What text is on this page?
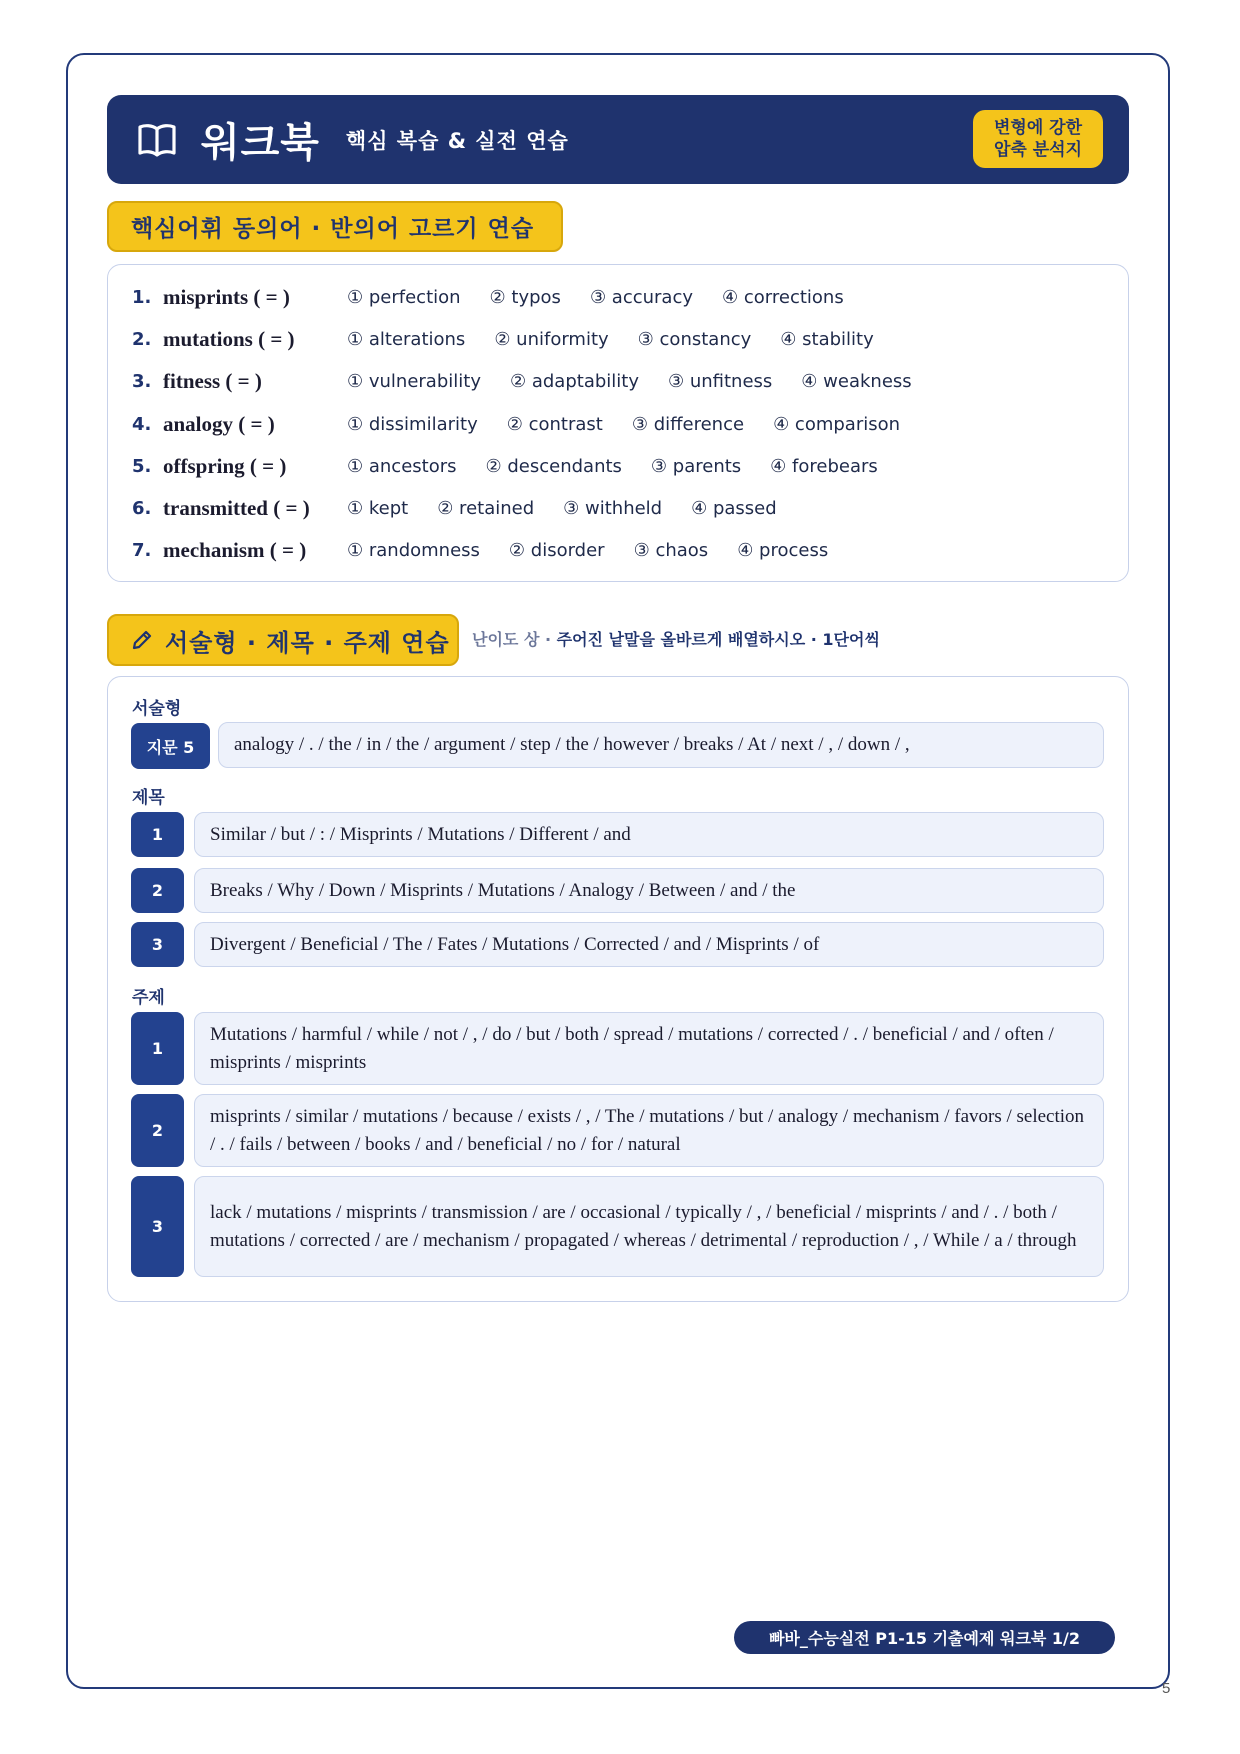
워크북 핵심 복습 & 실전 연습
변형에 강한
압축 분석지
핵심어휘 동의어 · 반의어 고르기 연습
1. misprints ( = )	① perfection ② typos ③ accuracy ④ corrections
2. mutations ( = )	① alterations ② uniformity ③ constancy ④ stability
3. fitness ( = )	① vulnerability ② adaptability ③ unfitness ④ weakness
4. analogy ( = )	① dissimilarity ② contrast ③ difference ④ comparison
5. offspring ( = )	① ancestors ② descendants ③ parents ④ forebears
6. transmitted ( = )	① kept ② retained ③ withheld ④ passed
7. mechanism ( = )	① randomness ② disorder ③ chaos ④ process
서술형 · 제목 · 주제 연습 난이도 상 · 주어진 낱말을 올바르게 배열하시오 · 1단어씩
서술형
지문 5	analogy / . / the / in / the / argument / step / the / however / breaks / At / next / , / down / ,
제목
1	Similar / but / : / Misprints / Mutations / Different / and
2	Breaks / Why / Down / Misprints / Mutations / Analogy / Between / and / the
3	Divergent / Beneficial / The / Fates / Mutations / Corrected / and / Misprints / of
주제
1
Mutations / harmful / while / not / , / do / but / both / spread / mutations / corrected / . / beneficial / and / often / misprints / misprints
2
misprints / similar / mutations / because / exists / , / The / mutations / but / analogy / mechanism / favors / selection / . / fails / between / books / and / beneficial / no / for / natural
3
lack / mutations / misprints / transmission / are / occasional / typically / , / beneficial / misprints / and / . / both / mutations / corrected / are / mechanism / propagated / whereas / detrimental / reproduction / , / While / a / through
빠바_수능실전 P1-15 기출예제 워크북 1/2
5
